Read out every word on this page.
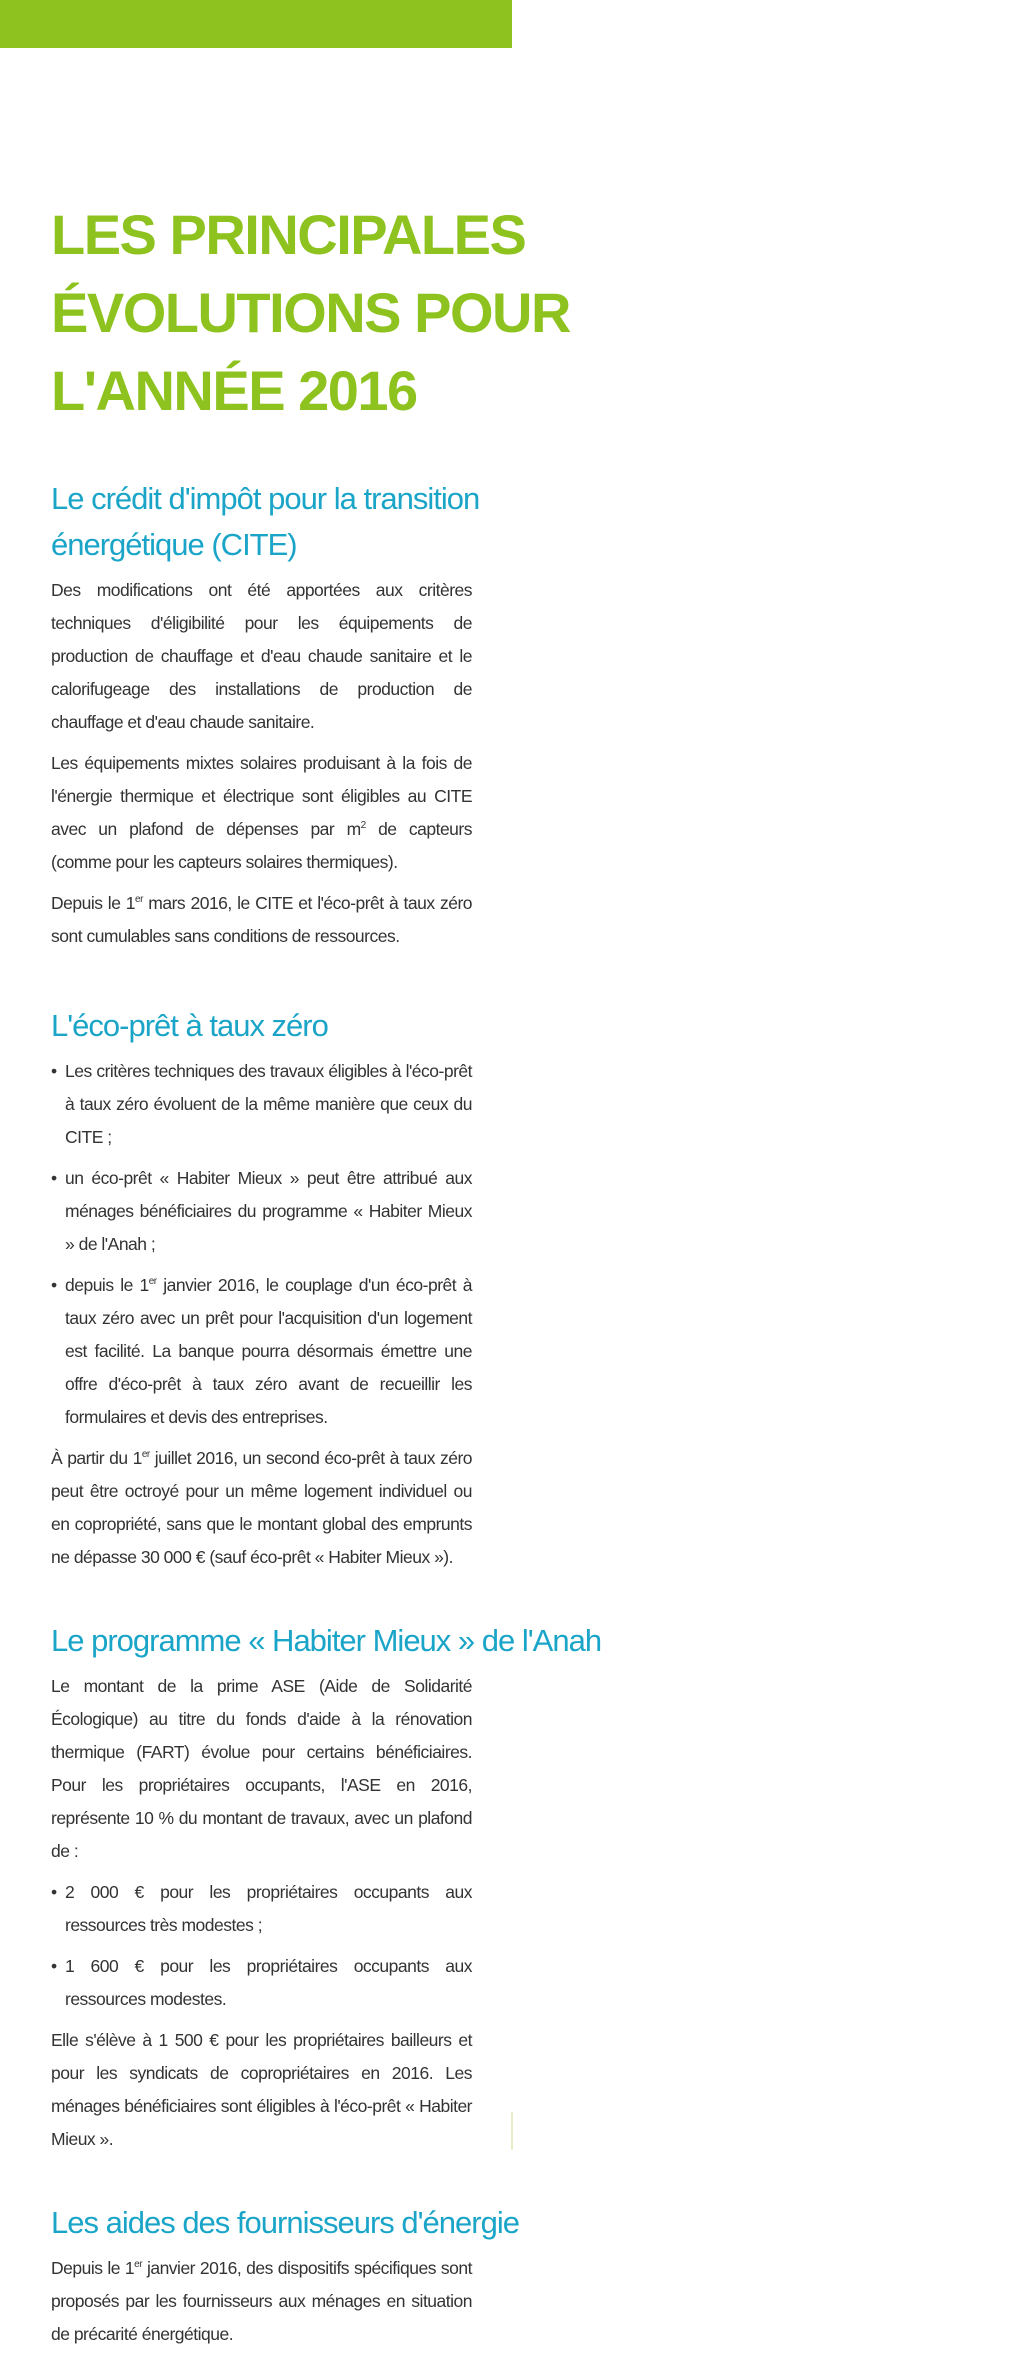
LES PRINCIPALES
ÉVOLUTIONS POUR
L'ANNÉE 2016
Le crédit d'impôt pour la transition
énergétique (CITE)

Des modifications ont été apportées aux critères techniques d'éligibilité pour les équipements de production de chauffage et d'eau chaude sanitaire et le calorifugeage des installations de production de chauffage et d'eau chaude sanitaire.

Les équipements mixtes solaires produisant à la fois de l'énergie thermique et électrique sont éligibles au CITE avec un plafond de dépenses par $m^2$ de capteurs (comme pour les capteurs solaires thermiques).

Depuis le 1er mars 2016, le CITE et l'éco-prêt à taux zéro sont cumulables sans conditions de ressources.

L'éco-prêt à taux zéro
• Les critères techniques des travaux éligibles à l'éco-prêt à taux zéro évoluent de la même manière que ceux du CITE ;
• un éco-prêt « Habiter Mieux » peut être attribué aux ménages bénéficiaires du programme « Habiter Mieux » de l'Anah ;
• depuis le 1er janvier 2016, le couplage d'un éco-prêt à taux zéro avec un prêt pour l'acquisition d'un logement est facilité. La banque pourra désormais émettre une offre d'éco-prêt à taux zéro avant de recueillir les formulaires et devis des entreprises.

À partir du 1er juillet 2016, un second éco-prêt à taux zéro peut être octroyé pour un même logement individuel ou en copropriété, sans que le montant global des emprunts ne dépasse 30 000 € (sauf éco-prêt « Habiter Mieux »).

Le programme « Habiter Mieux » de l'Anah

Le montant de la prime ASE (Aide de Solidarité Écologique) au titre du fonds d'aide à la rénovation thermique (FART) évolue pour certains bénéficiaires. Pour les propriétaires occupants, l'ASE en 2016, représente 10 % du montant de travaux, avec un plafond de :

• 2 000 € pour les propriétaires occupants aux ressources très modestes ;
• 1 600 € pour les propriétaires occupants aux ressources modestes.

Elle s'élève à 1 500 € pour les propriétaires bailleurs et pour les syndicats de copropriétaires en 2016. Les ménages bénéficiaires sont éligibles à l'éco-prêt « Habiter Mieux ».

Les aides des fournisseurs d'énergie

Depuis le 1er janvier 2016, des dispositifs spécifiques sont proposés par les fournisseurs aux ménages en situation de précarité énergétique.
